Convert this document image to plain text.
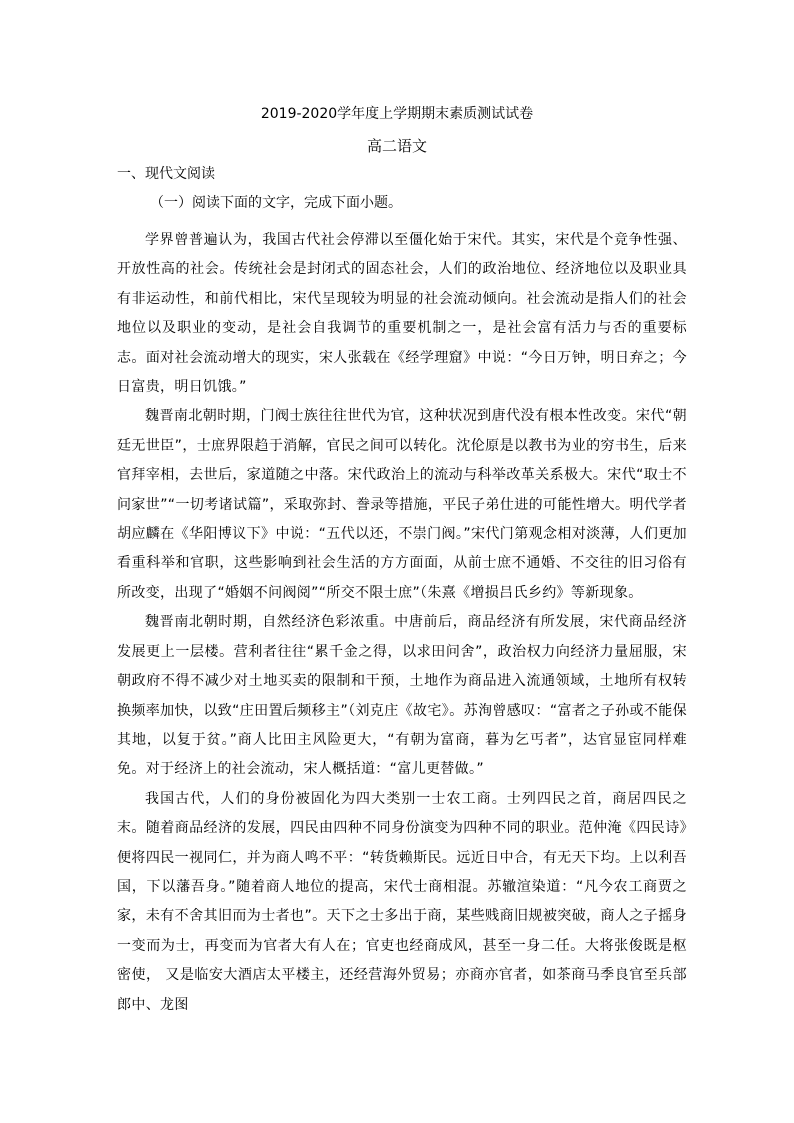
2019-2020学年度上学期期末素质测试试卷
高二语文
一、现代文阅读
（一）阅读下面的文字，完成下面小题。

学界曾普遍认为，我国古代社会停滞以至僵化始于宋代。其实，宋代是个竞争性强、开放性高的社会。传统社会是封闭式的固态社会，人们的政治地位、经济地位以及职业具有非运动性，和前代相比，宋代呈现较为明显的社会流动倾向。社会流动是指人们的社会地位以及职业的变动，是社会自我调节的重要机制之一，是社会富有活力与否的重要标志。面对社会流动增大的现实，宋人张载在《经学理窟》中说：“今日万钟，明日弃之；今日富贵，明日饥饿。”

魏晋南北朝时期，门阀士族往往世代为官，这种状况到唐代没有根本性改变。宋代“朝廷无世臣”，士庶界限趋于消解，官民之间可以转化。沈伦原是以教书为业的穷书生，后来官拜宰相，去世后，家道随之中落。宋代政治上的流动与科举改革关系极大。宋代“取士不问家世”“一切考诸试篇”，采取弥封、誊录等措施，平民子弟仕进的可能性增大。明代学者胡应麟在《华阳博议下》中说：“五代以还，不崇门阀。”宋代门第观念相对淡薄，人们更加看重科举和官职，这些影响到社会生活的方方面面，从前士庶不通婚、不交往的旧习俗有所改变，出现了“婚姻不问阀阅”“所交不限士庶”（朱熹《增损吕氏乡约》等新现象。

魏晋南北朝时期，自然经济色彩浓重。中唐前后，商品经济有所发展，宋代商品经济发展更上一层楼。营利者往往“累千金之得，以求田问舍”，政治权力向经济力量屈服，宋朝政府不得不减少对土地买卖的限制和干预，土地作为商品进入流通领域，土地所有权转换频率加快，以致“庄田置后频移主”（刘克庄《故宅》。苏洵曾感叹：“富者之子孙或不能保其地，以复于贫。”商人比田主风险更大，“有朝为富商，暮为乞丐者”，达官显宦同样难免。对于经济上的社会流动，宋人概括道：“富儿更替做。”

我国古代，人们的身份被固化为四大类别一士农工商。士列四民之首，商居四民之末。随着商品经济的发展，四民由四种不同身份演变为四种不同的职业。范仲淹《四民诗》便将四民一视同仁，并为商人鸣不平：“转货赖斯民。远近日中合，有无天下均。上以利吾国，下以藩吾身。”随着商人地位的提高，宋代士商相混。苏辙渲染道：“凡今农工商贾之家，未有不舍其旧而为士者也”。天下之士多出于商，某些贱商旧规被突破，商人之子摇身一变而为士，再变而为官者大有人在；官吏也经商成风，甚至一身二任。大将张俊既是枢密使， 又是临安大酒店太平楼主，还经营海外贸易；亦商亦官者，如茶商马季良官至兵部郎中、龙图
